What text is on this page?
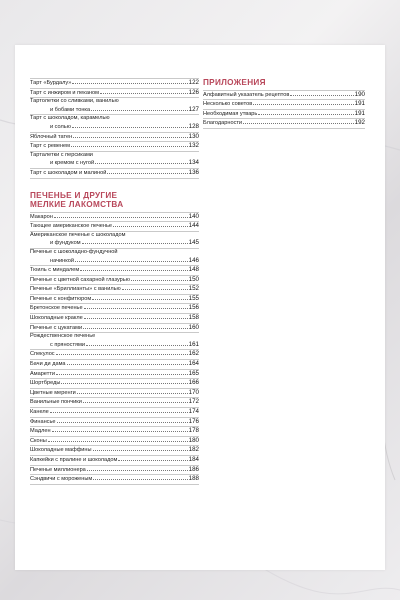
Тарт «Бурдалу»	122
Тарт с инжиром и пеканом	126
Тартолетки со сливками, ванилью
и бобами тонка	127
Тарт с шоколадом, карамелью
и солью	128
Яблочный татен	130
Тарт с ревенем	132
Тарталетки с персиками
и кремом с нугой	134
Тарт с шоколадом и малиной	136
ПЕЧЕНЬЕ И ДРУГИЕ
МЕЛКИЕ ЛАКОМСТВА
Макарон	140
Тающее американское печенье	144
Американское печенье с шоколадом
и фундуком	145
Печенье с шоколадно-фундучной
начинкой	146
Тюиль с миндалем	148
Печенье с цветной сахарной глазурью	150
Печенье «Бриллианты» с ванилью	152
Печенье с конфитюром	155
Бретонское печенье	156
Шоколадные кракле	158
Печенье с цукатами	160
Рождественское печенье
с пряностями	161
Спекулос	162
Бачи ди дама	164
Амаретти	165
Шортбреды	166
Цветные меренги	170
Ванильные пончики	172
Канеле	174
Финансье	176
Мадлен	178
Сконы	180
Шоколадные маффины	182
Капкейки с пралине и шоколадом	184
Печенье миллионера	186
Сэндвичи с мороженым	188
ПРИЛОЖЕНИЯ
Алфавитный указатель рецептов	190
Несколько советов	191
Необходимая утварь	191
Благодарности	192
